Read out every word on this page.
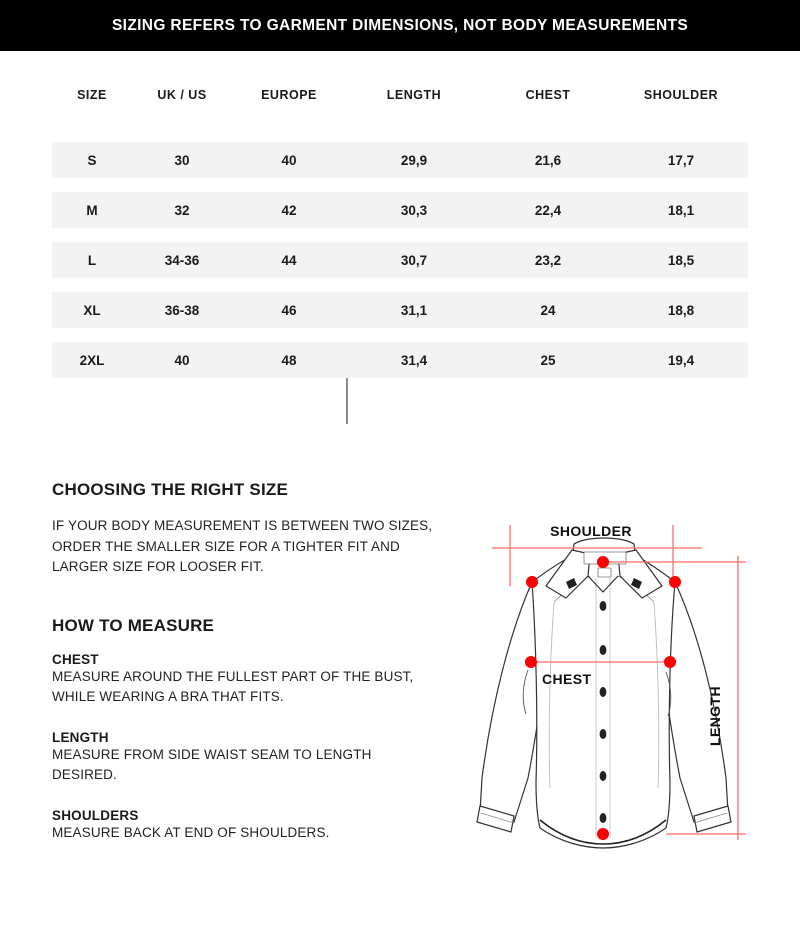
SIZING REFERS TO GARMENT DIMENSIONS, NOT BODY MEASUREMENTS
SIZE	UK / US	EUROPE	LENGTH	CHEST	SHOULDER

S	30	40	29,9	21,6	17,7

M	32	42	30,3	22,4	18,1

L	34-36	44	30,7	23,2	18,5

XL	36-38	46	31,1	24	18,8

2XL	40	48	31,4	25	19,4
CHOOSING THE RIGHT SIZE
IF YOUR BODY MEASUREMENT IS BETWEEN TWO SIZES,
ORDER THE SMALLER SIZE FOR A TIGHTER FIT AND
LARGER SIZE FOR LOOSER FIT.
HOW TO MEASURE
CHEST
MEASURE AROUND THE FULLEST PART OF THE BUST,
WHILE WEARING A BRA THAT FITS.
LENGTH
MEASURE FROM SIDE WAIST SEAM TO LENGTH
DESIRED.
SHOULDERS
MEASURE BACK AT END OF SHOULDERS.
SHOULDER
CHEST
LENGTH
